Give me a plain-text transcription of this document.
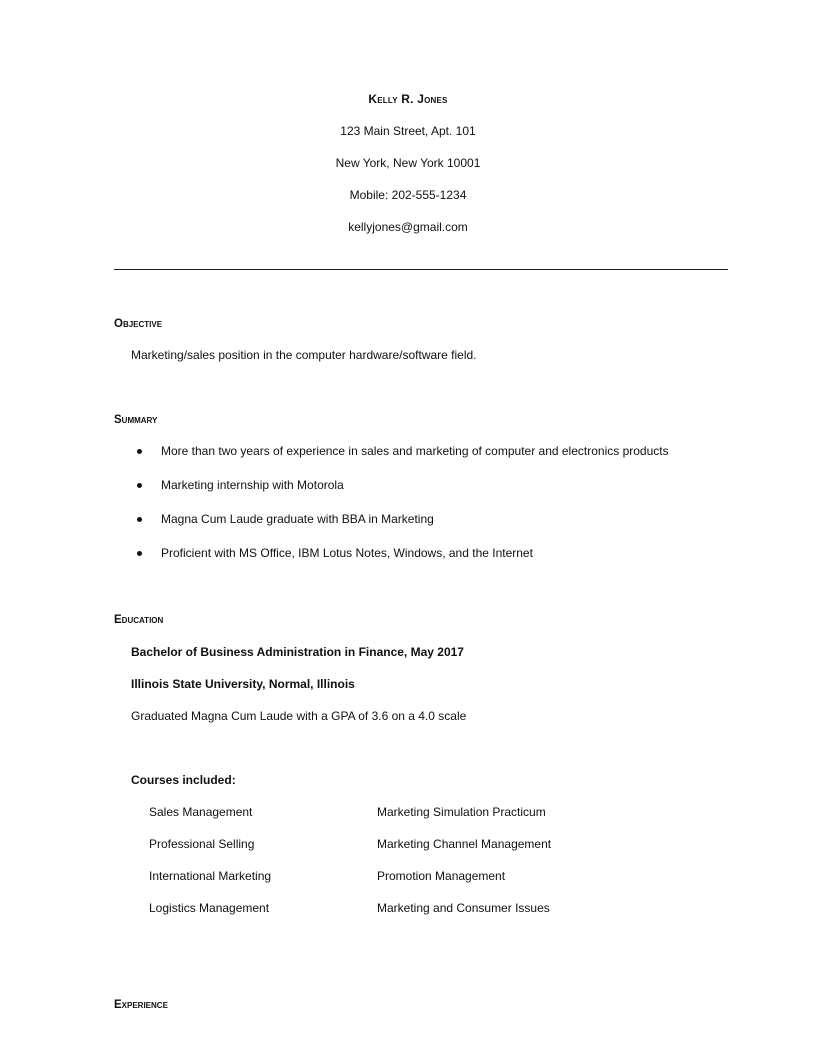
Kelly R. Jones
123 Main Street, Apt. 101
New York, New York 10001
Mobile: 202-555-1234
kellyjones@gmail.com
Objective
Marketing/sales position in the computer hardware/software field.
Summary
More than two years of experience in sales and marketing of computer and electronics products
Marketing internship with Motorola
Magna Cum Laude graduate with BBA in Marketing
Proficient with MS Office, IBM Lotus Notes, Windows, and the Internet
Education
Bachelor of Business Administration in Finance, May 2017
Illinois State University, Normal, Illinois
Graduated Magna Cum Laude with a GPA of 3.6 on a 4.0 scale
Courses included:
Sales Management
Professional Selling
International Marketing
Logistics Management
Marketing Simulation Practicum
Marketing Channel Management
Promotion Management
Marketing and Consumer Issues
Experience
